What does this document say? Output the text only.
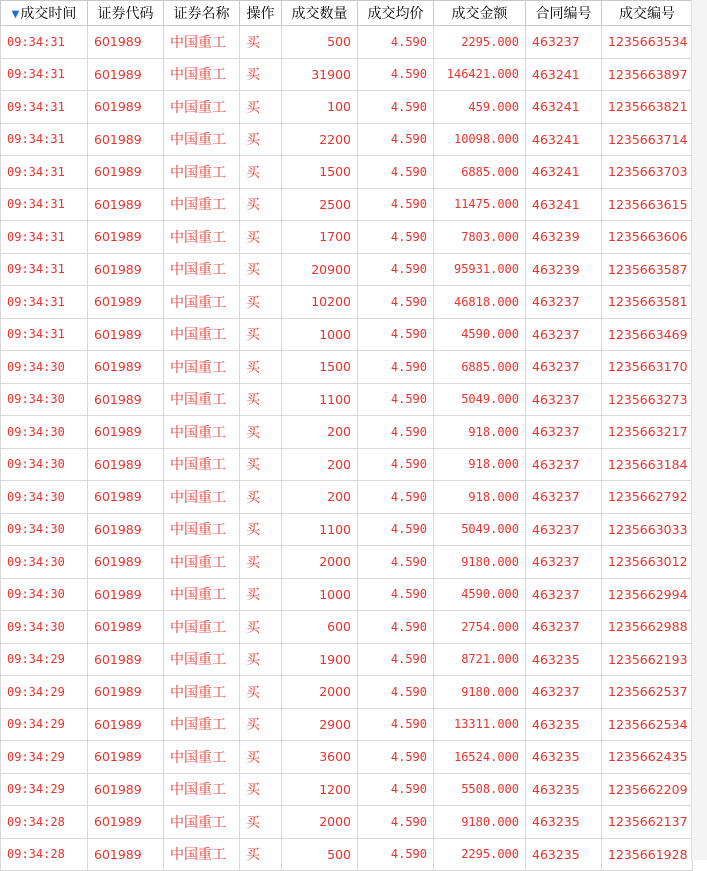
▼成交时间	证券代码	证券名称	操作	成交数量	成交均价	成交金额	合同编号	成交编号
09:34:31	601989	中国重工	买	500	4.590	2295.000	463237	1235663534
09:34:31	601989	中国重工	买	31900	4.590	146421.000	463241	1235663897
09:34:31	601989	中国重工	买	100	4.590	459.000	463241	1235663821
09:34:31	601989	中国重工	买	2200	4.590	10098.000	463241	1235663714
09:34:31	601989	中国重工	买	1500	4.590	6885.000	463241	1235663703
09:34:31	601989	中国重工	买	2500	4.590	11475.000	463241	1235663615
09:34:31	601989	中国重工	买	1700	4.590	7803.000	463239	1235663606
09:34:31	601989	中国重工	买	20900	4.590	95931.000	463239	1235663587
09:34:31	601989	中国重工	买	10200	4.590	46818.000	463237	1235663581
09:34:31	601989	中国重工	买	1000	4.590	4590.000	463237	1235663469
09:34:30	601989	中国重工	买	1500	4.590	6885.000	463237	1235663170
09:34:30	601989	中国重工	买	1100	4.590	5049.000	463237	1235663273
09:34:30	601989	中国重工	买	200	4.590	918.000	463237	1235663217
09:34:30	601989	中国重工	买	200	4.590	918.000	463237	1235663184
09:34:30	601989	中国重工	买	200	4.590	918.000	463237	1235662792
09:34:30	601989	中国重工	买	1100	4.590	5049.000	463237	1235663033
09:34:30	601989	中国重工	买	2000	4.590	9180.000	463237	1235663012
09:34:30	601989	中国重工	买	1000	4.590	4590.000	463237	1235662994
09:34:30	601989	中国重工	买	600	4.590	2754.000	463237	1235662988
09:34:29	601989	中国重工	买	1900	4.590	8721.000	463235	1235662193
09:34:29	601989	中国重工	买	2000	4.590	9180.000	463237	1235662537
09:34:29	601989	中国重工	买	2900	4.590	13311.000	463235	1235662534
09:34:29	601989	中国重工	买	3600	4.590	16524.000	463235	1235662435
09:34:29	601989	中国重工	买	1200	4.590	5508.000	463235	1235662209
09:34:28	601989	中国重工	买	2000	4.590	9180.000	463235	1235662137
09:34:28	601989	中国重工	买	500	4.590	2295.000	463235	1235661928
